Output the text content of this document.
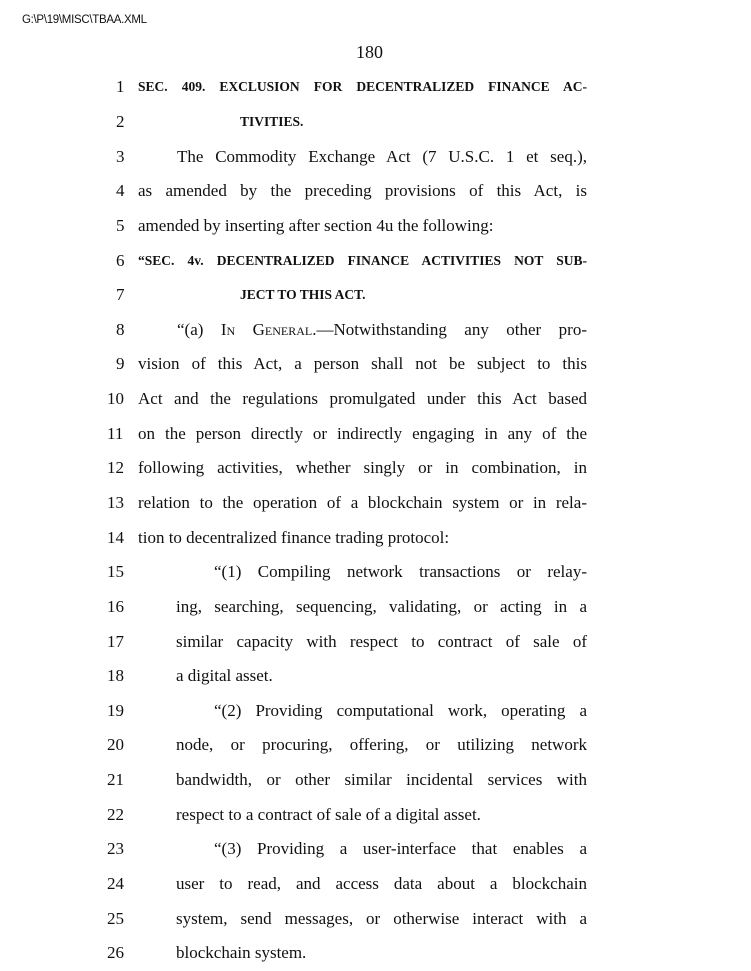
G:\P\19\MISC\TBAA.XML
180
1 SEC. 409. EXCLUSION FOR DECENTRALIZED FINANCE AC-
2	TIVITIES.
3	The Commodity Exchange Act (7 U.S.C. 1 et seq.),
4 as amended by the preceding provisions of this Act, is
5 amended by inserting after section 4u the following:
6 “SEC. 4v. DECENTRALIZED FINANCE ACTIVITIES NOT SUB-
7	JECT TO THIS ACT.
8	“(a) In General.—Notwithstanding any other pro-
9 vision of this Act, a person shall not be subject to this
10 Act and the regulations promulgated under this Act based
11 on the person directly or indirectly engaging in any of the
12 following activities, whether singly or in combination, in
13 relation to the operation of a blockchain system or in rela-
14 tion to decentralized finance trading protocol:
15	“(1) Compiling network transactions or relay-
16	ing, searching, sequencing, validating, or acting in a
17	similar capacity with respect to contract of sale of
18	a digital asset.
19	“(2) Providing computational work, operating a
20	node, or procuring, offering, or utilizing network
21	bandwidth, or other similar incidental services with
22	respect to a contract of sale of a digital asset.
23	“(3) Providing a user-interface that enables a
24	user to read, and access data about a blockchain
25	system, send messages, or otherwise interact with a
26	blockchain system.
